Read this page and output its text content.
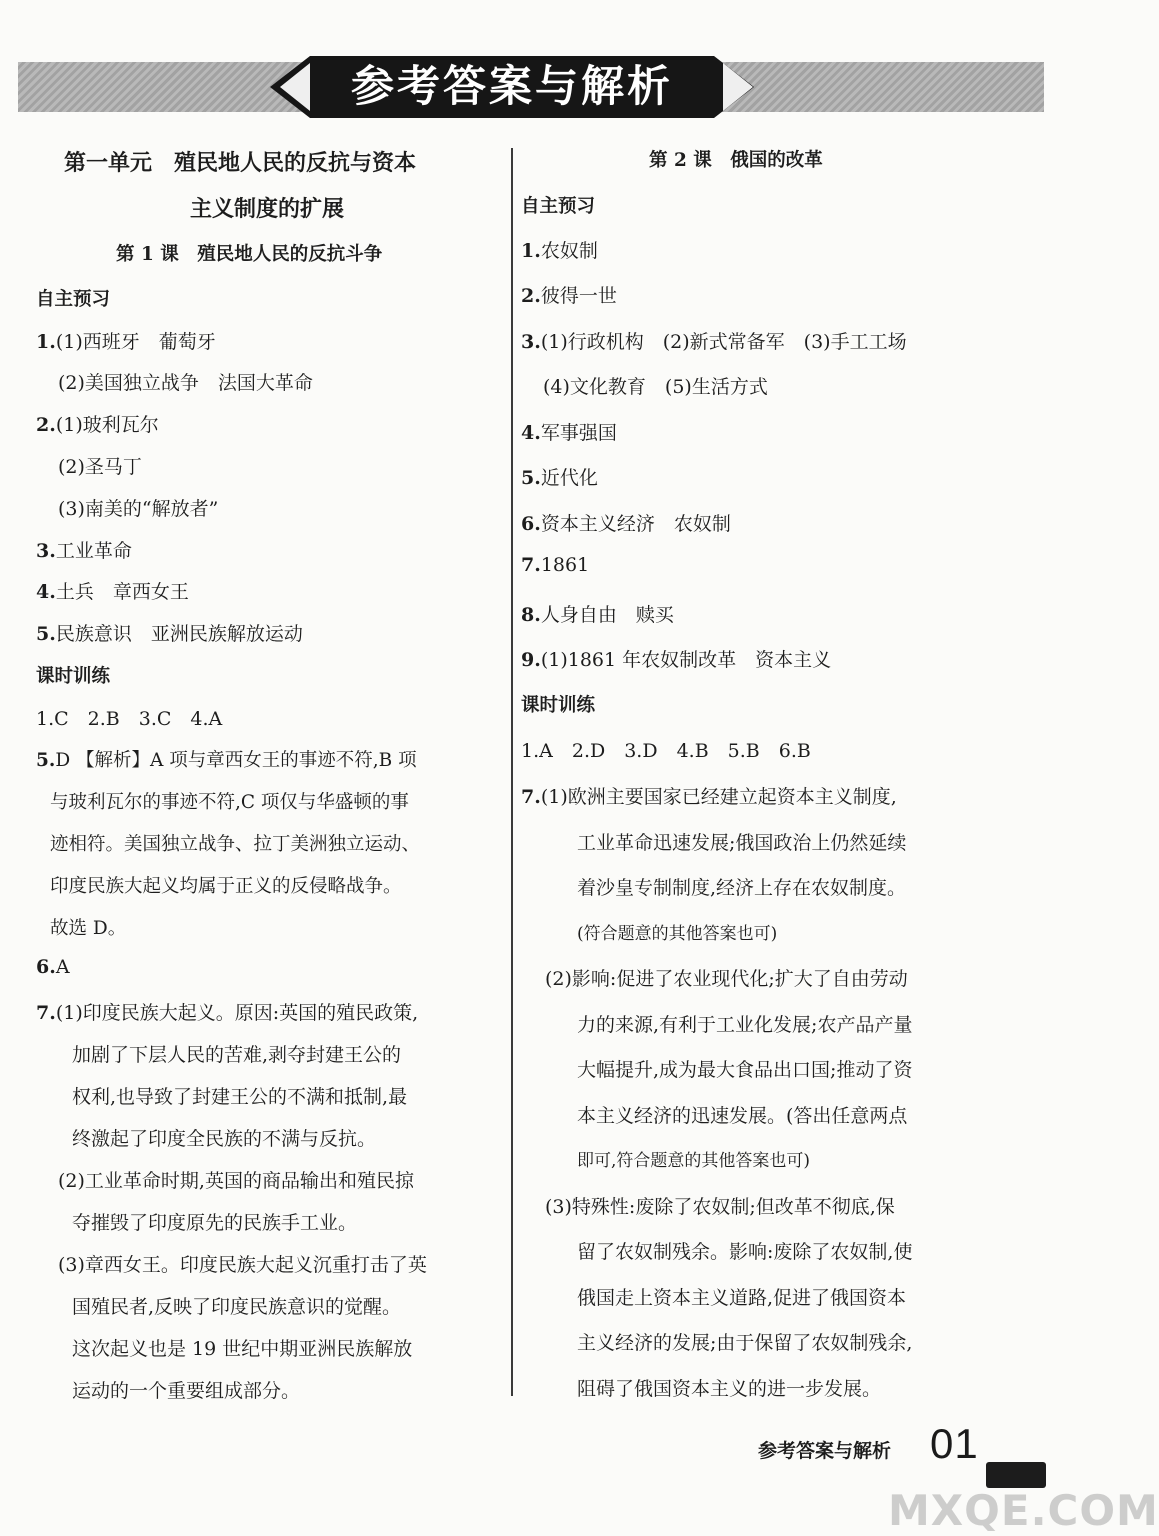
参考答案与解析
第一单元　殖民地人民的反抗与资本
主义制度的扩展
第 1 课　殖民地人民的反抗斗争
自主预习
1.(1)西班牙　葡萄牙
(2)美国独立战争　法国大革命
2.(1)玻利瓦尔
(2)圣马丁
(3)南美的“解放者”
3.工业革命
4.土兵　章西女王
5.民族意识　亚洲民族解放运动
课时训练
1.C　2.B　3.C　4.A
5.D 【解析】A 项与章西女王的事迹不符,B 项
与玻利瓦尔的事迹不符,C 项仅与华盛顿的事
迹相符。美国独立战争、拉丁美洲独立运动、
印度民族大起义均属于正义的反侵略战争。
故选 D。
6.A
7.(1)印度民族大起义。原因:英国的殖民政策,
加剧了下层人民的苦难,剥夺封建王公的
权利,也导致了封建王公的不满和抵制,最
终激起了印度全民族的不满与反抗。
(2)工业革命时期,英国的商品输出和殖民掠
夺摧毁了印度原先的民族手工业。
(3)章西女王。印度民族大起义沉重打击了英
国殖民者,反映了印度民族意识的觉醒。
这次起义也是 19 世纪中期亚洲民族解放
运动的一个重要组成部分。
第 2 课　俄国的改革
自主预习
1.农奴制
2.彼得一世
3.(1)行政机构　(2)新式常备军　(3)手工工场
(4)文化教育　(5)生活方式
4.军事强国
5.近代化
6.资本主义经济　农奴制
7.1861
8.人身自由　赎买
9.(1)1861 年农奴制改革　资本主义
课时训练
1.A　2.D　3.D　4.B　5.B　6.B
7.(1)欧洲主要国家已经建立起资本主义制度,
工业革命迅速发展;俄国政治上仍然延续
着沙皇专制制度,经济上存在农奴制度。
(符合题意的其他答案也可)
(2)影响:促进了农业现代化;扩大了自由劳动
力的来源,有利于工业化发展;农产品产量
大幅提升,成为最大食品出口国;推动了资
本主义经济的迅速发展。(答出任意两点
即可,符合题意的其他答案也可)
(3)特殊性:废除了农奴制;但改革不彻底,保
留了农奴制残余。影响:废除了农奴制,使
俄国走上资本主义道路,促进了俄国资本
主义经济的发展;由于保留了农奴制残余,
阻碍了俄国资本主义的进一步发展。
参考答案与解析 01
MXQE.COM
